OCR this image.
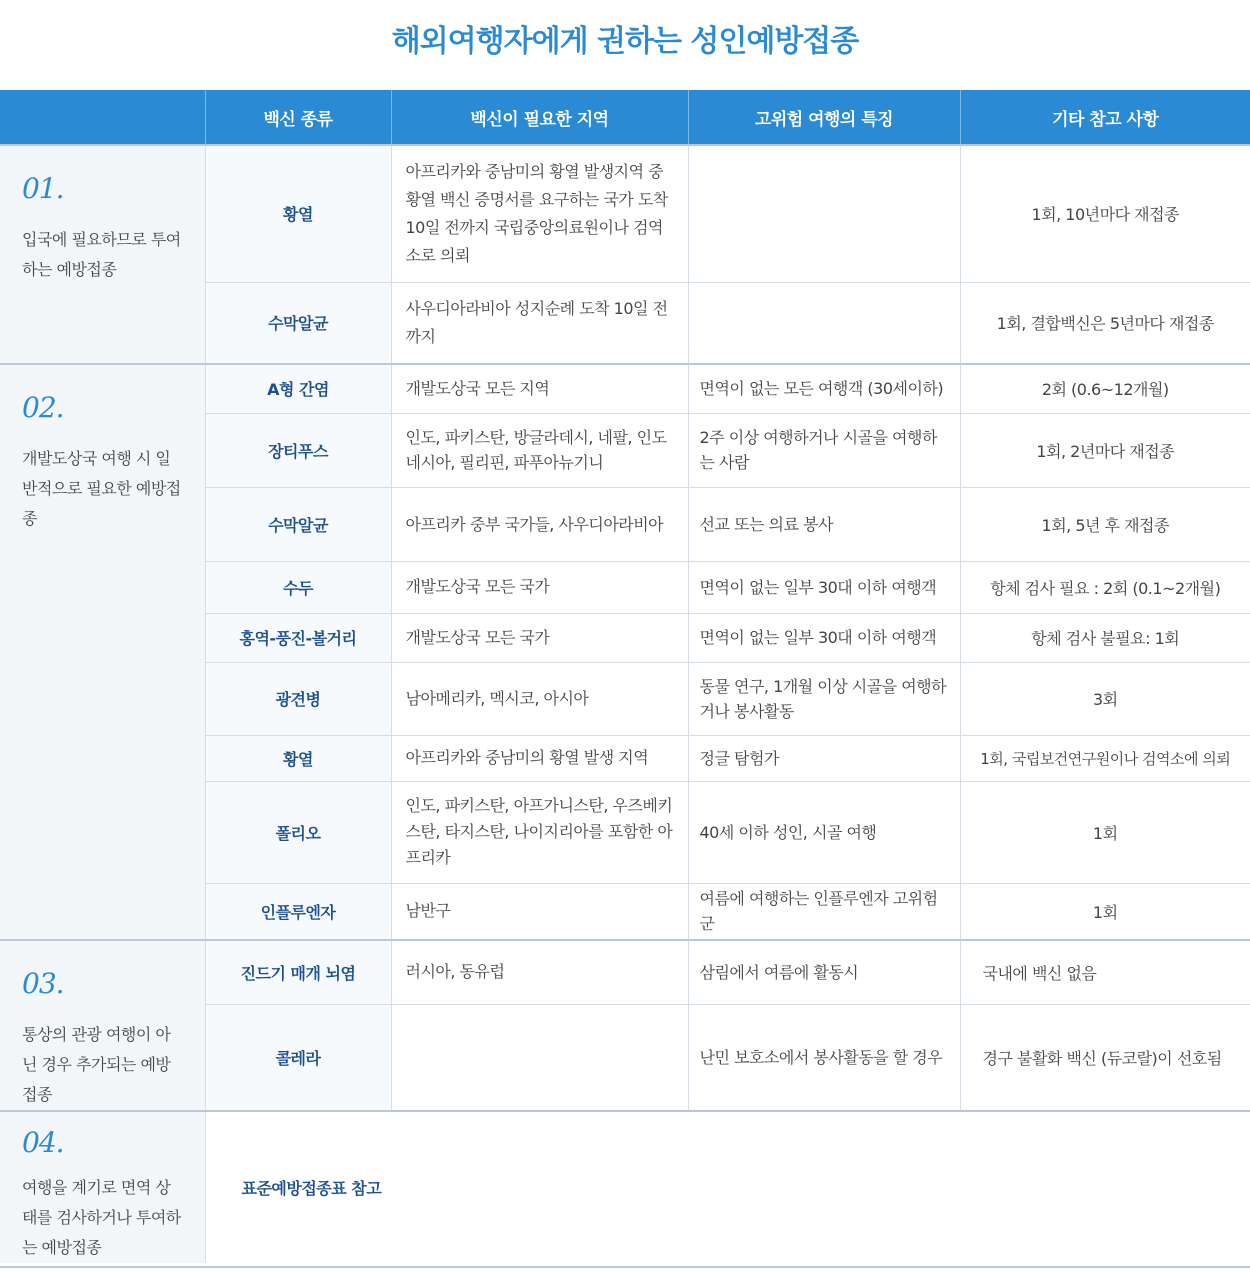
해외여행자에게 권하는 성인예방접종
	백신 종류	백신이 필요한 지역	고위험 여행의 특징	기타 참고 사항

01.
입국에 필요하므로 투여하는 예방접종	황열	아프리카와 중남미의 황열 발생지역 중 황열 백신 증명서를 요구하는 국가 도착 10일 전까지 국립중앙의료원이나 검역소로 의뢰		1회, 10년마다 재접종
	수막알균	사우디아라비아 성지순례 도착 10일 전까지		1회, 결합백신은 5년마다 재접종

02.
개발도상국 여행 시 일반적으로 필요한 예방접종	A형 간염	개발도상국 모든 지역	면역이 없는 모든 여행객 (30세이하)	2회 (0.6~12개월)
	장티푸스	인도, 파키스탄, 방글라데시, 네팔, 인도네시아, 필리핀, 파푸아뉴기니	2주 이상 여행하거나 시골을 여행하는 사람	1회, 2년마다 재접종
	수막알균	아프리카 중부 국가들, 사우디아라비아	선교 또는 의료 봉사	1회, 5년 후 재접종
	수두	개발도상국 모든 국가	면역이 없는 일부 30대 이하 여행객	항체 검사 필요 : 2회 (0.1~2개월)
	홍역-풍진-볼거리	개발도상국 모든 국가	면역이 없는 일부 30대 이하 여행객	항체 검사 불필요: 1회
	광견병	남아메리카, 멕시코, 아시아	동물 연구, 1개월 이상 시골을 여행하거나 봉사활동	3회
	황열	아프리카와 중남미의 황열 발생 지역	정글 탐험가	1회, 국립보건연구원이나 검역소에 의뢰
	폴리오	인도, 파키스탄, 아프가니스탄, 우즈베키스탄, 타지스탄, 나이지리아를 포함한 아프리카	40세 이하 성인, 시골 여행	1회
	인플루엔자	남반구	여름에 여행하는 인플루엔자 고위험군	1회

03.
통상의 관광 여행이 아닌 경우 추가되는 예방접종	진드기 매개 뇌염	러시아, 동유럽	삼림에서 여름에 활동시	국내에 백신 없음
	콜레라		난민 보호소에서 봉사활동을 할 경우	경구 불활화 백신 (듀코랄)이 선호됨

04.
여행을 계기로 면역 상태를 검사하거나 투여하는 예방접종	표준예방접종표 참고			
